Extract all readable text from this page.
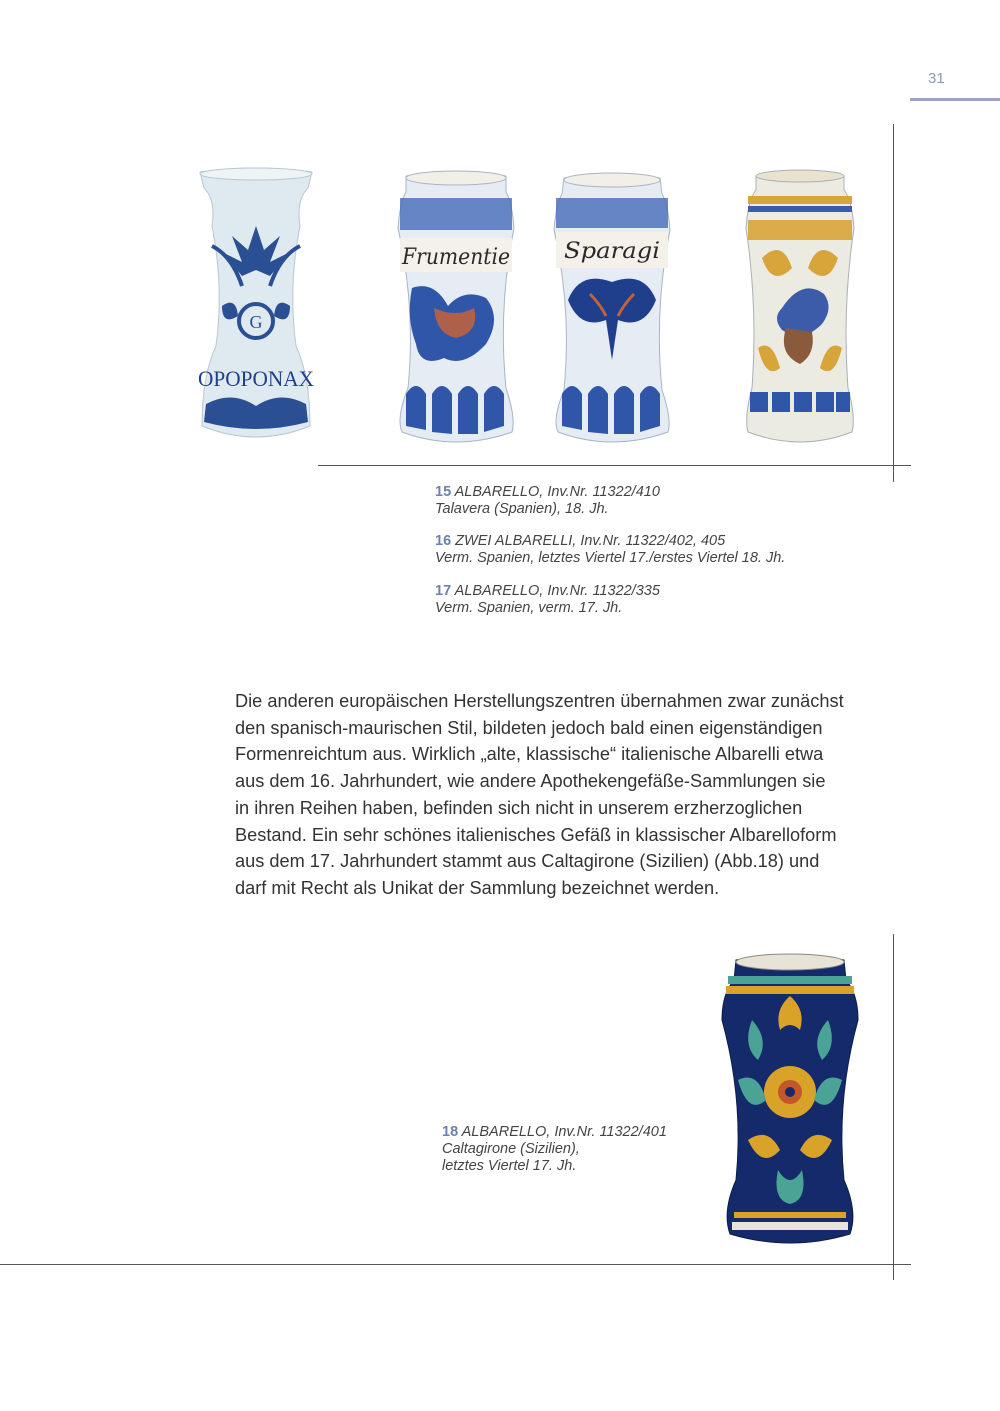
31
G
OPOPONAX
Frumentie Sparagi
15 ALBARELLO, Inv.Nr. 11322/410
Talavera (Spanien), 18. Jh.
16 ZWEI ALBARELLI, Inv.Nr. 11322/402, 405
Verm. Spanien, letztes Viertel 17./erstes Viertel 18. Jh.
17 ALBARELLO, Inv.Nr. 11322/335
Verm. Spanien, verm. 17. Jh.
Die anderen europäischen Herstellungszentren übernahmen zwar zunächst
den spanisch-maurischen Stil, bildeten jedoch bald einen eigenständigen
Formenreichtum aus. Wirklich „alte, klassische“ italienische Albarelli etwa
aus dem 16. Jahrhundert, wie andere Apothekengefäße-Sammlungen sie
in ihren Reihen haben, befinden sich nicht in unserem erzherzoglichen
Bestand. Ein sehr schönes italienisches Gefäß in klassischer Albarelloform
aus dem 17. Jahrhundert stammt aus Caltagirone (Sizilien) (Abb.18) und
darf mit Recht als Unikat der Sammlung bezeichnet werden.
18 ALBARELLO, Inv.Nr. 11322/401
Caltagirone (Sizilien),
letztes Viertel 17. Jh.
